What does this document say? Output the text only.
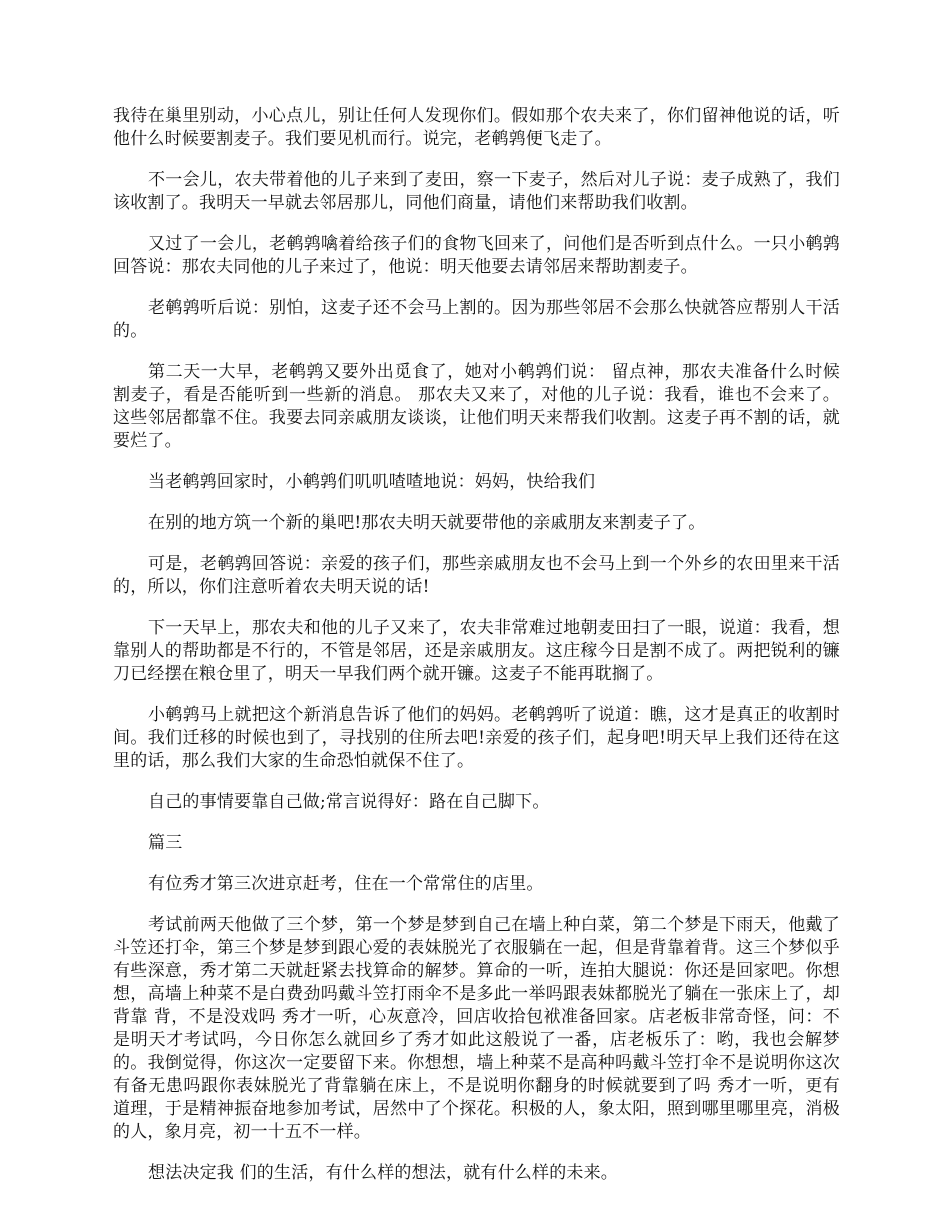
我待在巢里别动，小心点儿，别让任何人发现你们。假如那个农夫来了，你们留神他说的话，听他什么时候要割麦子。我们要见机而行。说完，老鹌鹑便飞走了。

不一会儿，农夫带着他的儿子来到了麦田，察一下麦子，然后对儿子说：麦子成熟了，我们该收割了。我明天一早就去邻居那儿，同他们商量，请他们来帮助我们收割。

又过了一会儿，老鹌鹑噙着给孩子们的食物飞回来了，问他们是否听到点什么。一只小鹌鹑回答说：那农夫同他的儿子来过了，他说：明天他要去请邻居来帮助割麦子。

老鹌鹑听后说：别怕，这麦子还不会马上割的。因为那些邻居不会那么快就答应帮别人干活的。

第二天一大早，老鹌鹑又要外出觅食了，她对小鹌鹑们说： 留点神，那农夫准备什么时候割麦子，看是否能听到一些新的消息。 那农夫又来了，对他的儿子说：我看，谁也不会来了。这些邻居都靠不住。我要去同亲戚朋友谈谈，让他们明天来帮我们收割。这麦子再不割的话，就要烂了。

当老鹌鹑回家时，小鹌鹑们叽叽喳喳地说：妈妈，快给我们

在别的地方筑一个新的巢吧!那农夫明天就要带他的亲戚朋友来割麦子了。

可是，老鹌鹑回答说：亲爱的孩子们，那些亲戚朋友也不会马上到一个外乡的农田里来干活的，所以，你们注意听着农夫明天说的话!

下一天早上，那农夫和他的儿子又来了，农夫非常难过地朝麦田扫了一眼，说道：我看，想靠别人的帮助都是不行的，不管是邻居，还是亲戚朋友。这庄稼今日是割不成了。两把锐利的镰刀已经摆在粮仓里了，明天一早我们两个就开镰。这麦子不能再耽搁了。

小鹌鹑马上就把这个新消息告诉了他们的妈妈。老鹌鹑听了说道：瞧，这才是真正的收割时间。我们迁移的时候也到了，寻找别的住所去吧!亲爱的孩子们，起身吧!明天早上我们还待在这里的话，那么我们大家的生命恐怕就保不住了。

自己的事情要靠自己做;常言说得好：路在自己脚下。

篇三

有位秀才第三次进京赶考，住在一个常常住的店里。

考试前两天他做了三个梦，第一个梦是梦到自己在墙上种白菜，第二个梦是下雨天，他戴了斗笠还打伞，第三个梦是梦到跟心爱的表妹脱光了衣服躺在一起，但是背靠着背。这三个梦似乎有些深意，秀才第二天就赶紧去找算命的解梦。算命的一听，连拍大腿说：你还是回家吧。你想想，高墙上种菜不是白费劲吗戴斗笠打雨伞不是多此一举吗跟表妹都脱光了躺在一张床上了，却背靠 背，不是没戏吗 秀才一听，心灰意冷，回店收拾包袱准备回家。店老板非常奇怪，问：不是明天才考试吗，今日你怎么就回乡了秀才如此这般说了一番，店老板乐了：哟，我也会解梦的。我倒觉得，你这次一定要留下来。你想想，墙上种菜不是高种吗戴斗笠打伞不是说明你这次有备无患吗跟你表妹脱光了背靠躺在床上，不是说明你翻身的时候就要到了吗 秀才一听，更有道理，于是精神振奋地参加考试，居然中了个探花。积极的人，象太阳，照到哪里哪里亮，消极的人，象月亮，初一十五不一样。

想法决定我 们的生活，有什么样的想法，就有什么样的未来。
